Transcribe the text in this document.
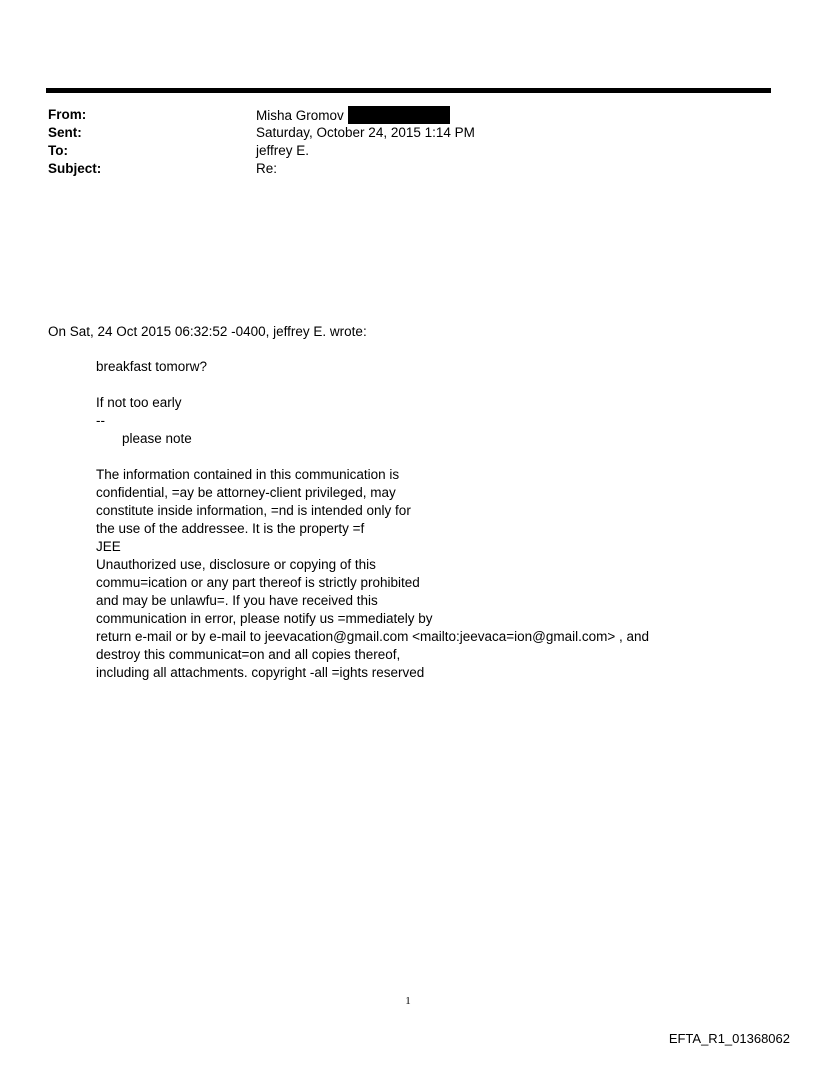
From:	Misha Gromov
Sent:	Saturday, October 24, 2015 1:14 PM
To:	jeffrey E.
Subject:	Re:
On Sat, 24 Oct 2015 06:32:52 -0400, jeffrey E. wrote:
breakfast tomorw?
If not too early
--
please note
The information contained in this communication is
confidential, =ay be attorney-client privileged, may
constitute inside information, =nd is intended only for
the use of the addressee. It is the property =f
JEE
Unauthorized use, disclosure or copying of this
commu=ication or any part thereof is strictly prohibited
and may be unlawfu=. If you have received this
communication in error, please notify us =mmediately by
return e-mail or by e-mail to jeevacation@gmail.com <mailto:jeevaca=ion@gmail.com> , and
destroy this communicat=on and all copies thereof,
including all attachments. copyright -all =ights reserved
1
EFTA_R1_01368062
